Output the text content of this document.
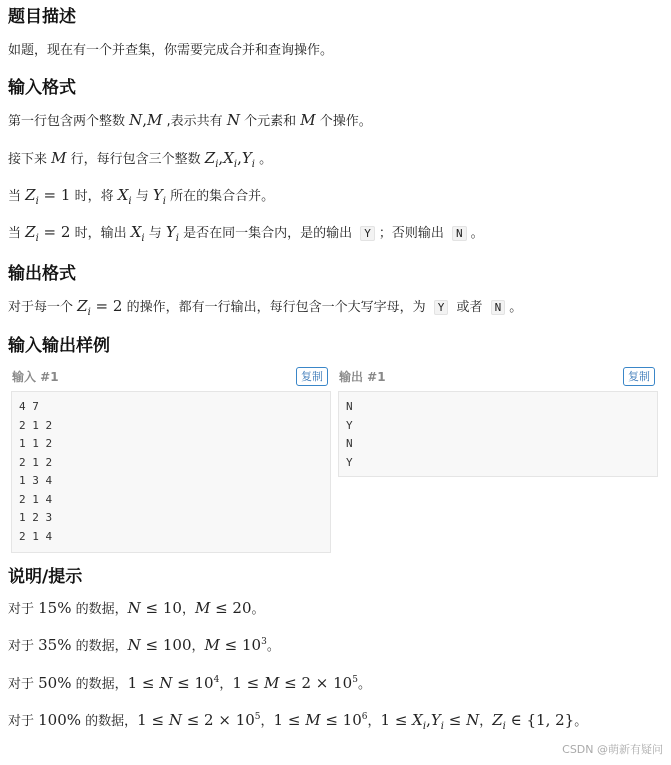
题目描述
如题，现在有一个并查集，你需要完成合并和查询操作。
输入格式
第一行包含两个整数 N,M ,表示共有 N 个元素和 M 个操作。
接下来 M 行，每行包含三个整数 $Z_i,X_i,Y_i$ 。
当 $Z_i = 1$ 时，将 $X_i$ 与 $Y_i$ 所在的集合合并。
当 $Z_i = 2$ 时，输出 $X_i$ 与 $Y_i$ 是否在同一集合内，是的输出 Y ；否则输出 N 。
输出格式
对于每一个 $Z_i = 2$ 的操作，都有一行输出，每行包含一个大写字母，为 Y 或者 N 。
输入输出样例
输入 #1	复制
4 7
2 1 2
1 1 2
2 1 2
1 3 4
2 1 4
1 2 3
2 1 4
输出 #1	复制
N
Y
N
Y
说明/提示
对于 15% 的数据，N ≤ 10，M ≤ 20。
对于 35% 的数据，N ≤ 100，$M \le 10^3$。
对于 50% 的数据，$1 \le N \le 10^4$，$1 \le M \le 2 \times 10^5$。
对于 100% 的数据，$1 \le N \le 2 \times 10^5$，$1 \le M \le 10^6$，$1 \le X_i,Y_i \le N$，$Z_i$ ∈ {1, 2}。
CSDN @萌新有疑问
